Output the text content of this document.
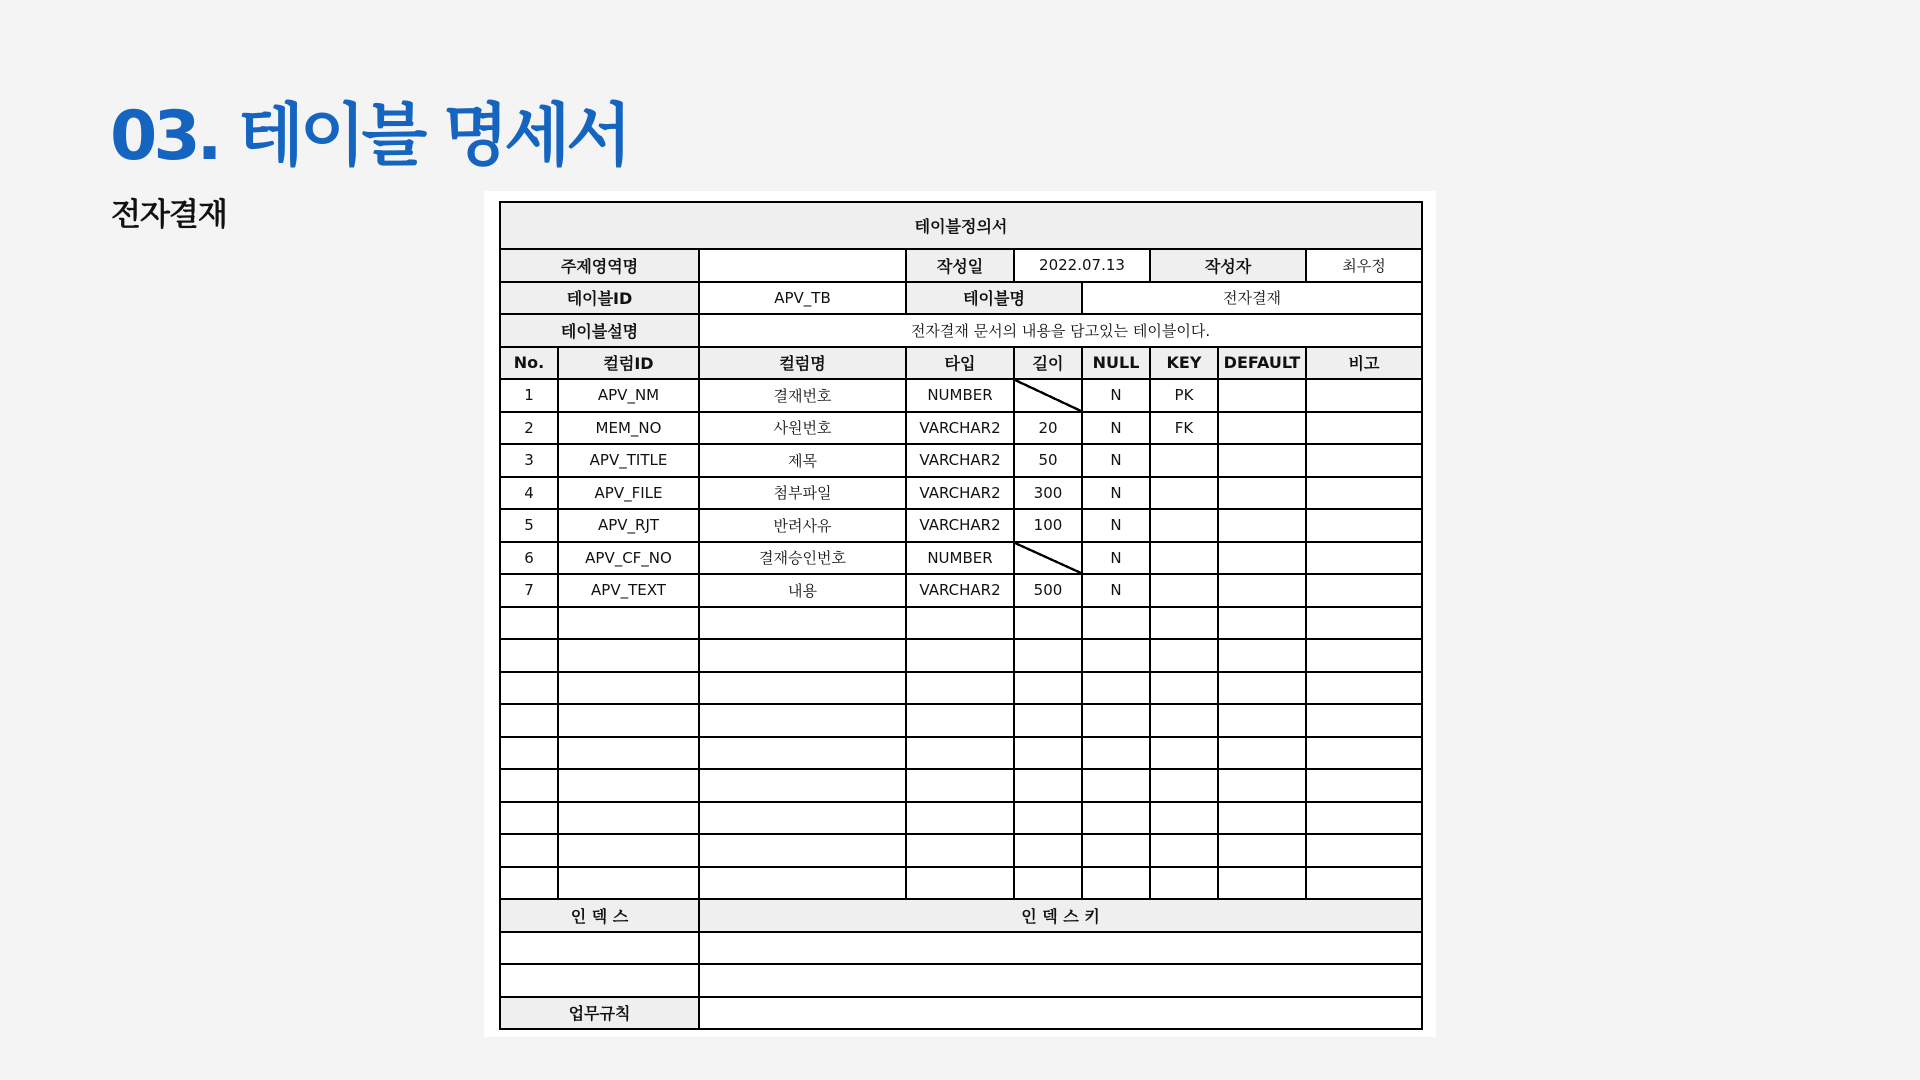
03. 테이블 명세서
전자결재	테이블정의서								
주제영역명			작성일	2022.07.13		작성자		최우정
테이블ID		APV_TB	테이블명		전자결재			
테이블설명		전자결재 문서의 내용을 담고있는 테이블이다.						
No.	컬럼ID	컬럼명	타입	길이	NULL	KEY	DEFAULT	비고
1	APV_NM	결재번호	NUMBER		N	PK		
2	MEM_NO	사원번호	VARCHAR2	20	N	FK		
3	APV_TITLE	제목	VARCHAR2	50	N			
4	APV_FILE	첨부파일	VARCHAR2	300	N			
5	APV_RJT	반려사유	VARCHAR2	100	N			
6	APV_CF_NO	결재승인번호	NUMBER		N			
7	APV_TEXT	내용	VARCHAR2	500	N			

인 덱 스		인 덱 스 키						

업무규칙								
